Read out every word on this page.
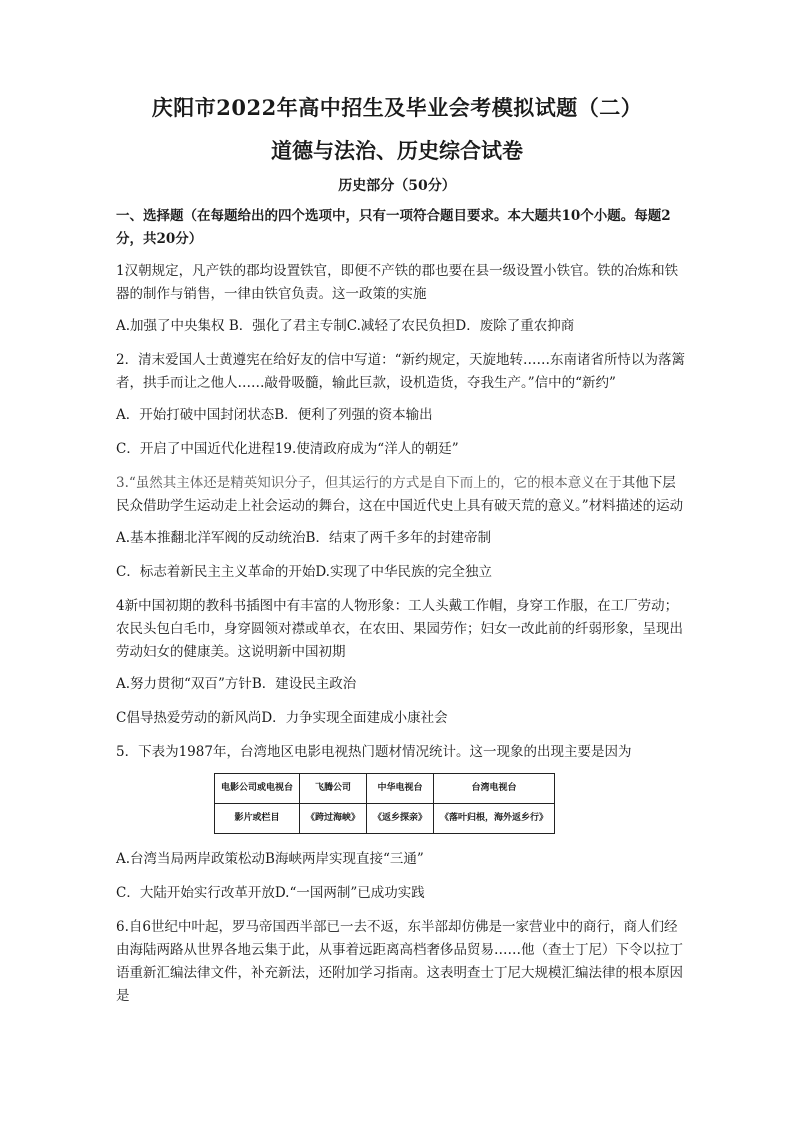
庆阳市2022年高中招生及毕业会考模拟试题（二）
道德与法治、历史综合试卷
历史部分（50分）

一、选择题（在每题给出的四个选项中，只有一项符合题目要求。本大题共10个小题。每题2分，共20分）

1汉朝规定，凡产铁的郡均设置铁官，即便不产铁的郡也要在县一级设置小铁官。铁的冶炼和铁器的制作与销售，一律由铁官负责。这一政策的实施

A.加强了中央集权 B．强化了君主专制C.减轻了农民负担D．废除了重农抑商

2．清末爱国人士黄遵宪在给好友的信中写道：“新约规定，天旋地转……东南诸省所恃以为落篱者，拱手而让之他人……敲骨吸髓，输此巨款，设机造货，夺我生产。”信中的“新约”

A．开始打破中国封闭状态B．便利了列强的资本输出

C．开启了中国近代化进程19.使清政府成为“洋人的朝廷”

3.“虽然其主体还是精英知识分子，但其运行的方式是自下而上的，它的根本意义在于其他下层民众借助学生运动走上社会运动的舞台，这在中国近代史上具有破天荒的意义。”材料描述的运动

A.基本推翻北洋军阀的反动统治B．结束了两千多年的封建帝制

C．标志着新民主主义革命的开始D.实现了中华民族的完全独立

4新中国初期的教科书插图中有丰富的人物形象：工人头戴工作帽，身穿工作服，在工厂劳动；农民头包白毛巾，身穿圆领对襟或单衣，在农田、果园劳作；妇女一改此前的纤弱形象，呈现出劳动妇女的健康美。这说明新中国初期

A.努力贯彻“双百”方针B．建设民主政治

C倡导热爱劳动的新风尚D．力争实现全面建成小康社会

5．下表为1987年，台湾地区电影电视热门题材情况统计。这一现象的出现主要是因为

电影公司或电视台	飞腾公司	中华电视台	台湾电视台
影片或栏目	《跨过海峡》	《返乡探亲》	《落叶归根，海外返乡行》

A.台湾当局两岸政策松动B海峡两岸实现直接“三通”

C．大陆开始实行改革开放D.“一国两制”已成功实践

6.自6世纪中叶起，罗马帝国西半部已一去不返，东半部却仿佛是一家营业中的商行，商人们经由海陆两路从世界各地云集于此，从事着远距离高档奢侈品贸易……他（查士丁尼）下令以拉丁语重新汇编法律文件，补充新法，还附加学习指南。这表明查士丁尼大规模汇编法律的根本原因是
